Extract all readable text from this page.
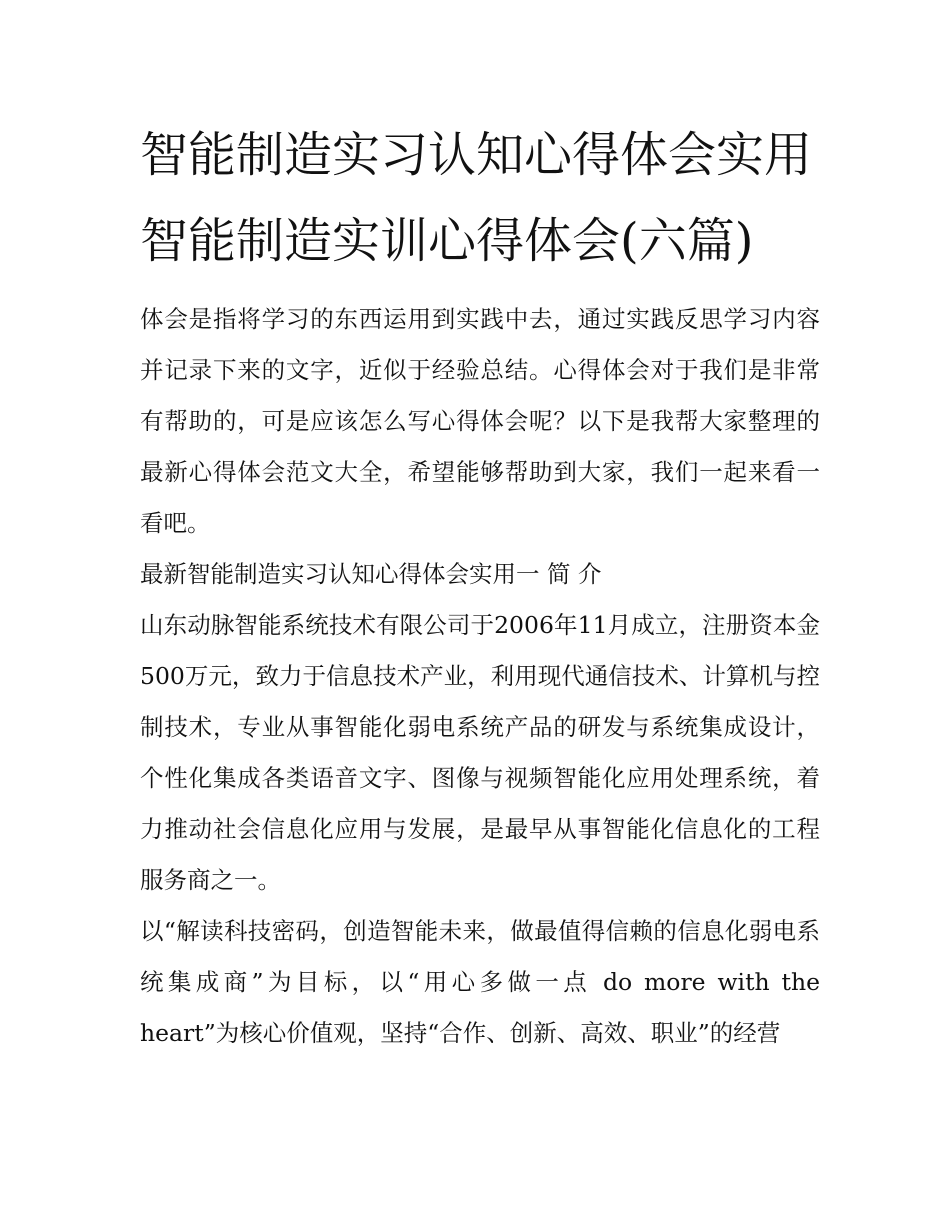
智能制造实习认知心得体会实用 智能制造实训心得体会(六篇)

体会是指将学习的东西运用到实践中去，通过实践反思学习内容并记录下来的文字，近似于经验总结。心得体会对于我们是非常有帮助的，可是应该怎么写心得体会呢？以下是我帮大家整理的最新心得体会范文大全，希望能够帮助到大家，我们一起来看一看吧。

最新智能制造实习认知心得体会实用一 简 介

山东动脉智能系统技术有限公司于2006年11月成立，注册资本金500万元，致力于信息技术产业，利用现代通信技术、计算机与控制技术，专业从事智能化弱电系统产品的研发与系统集成设计，个性化集成各类语音文字、图像与视频智能化应用处理系统，着力推动社会信息化应用与发展，是最早从事智能化信息化的工程服务商之一。

以“解读科技密码，创造智能未来，做最值得信赖的信息化弱电系统集成商”为目标，以“用心多做一点 do more with the heart”为核心价值观，坚持“合作、创新、高效、职业”的经营
